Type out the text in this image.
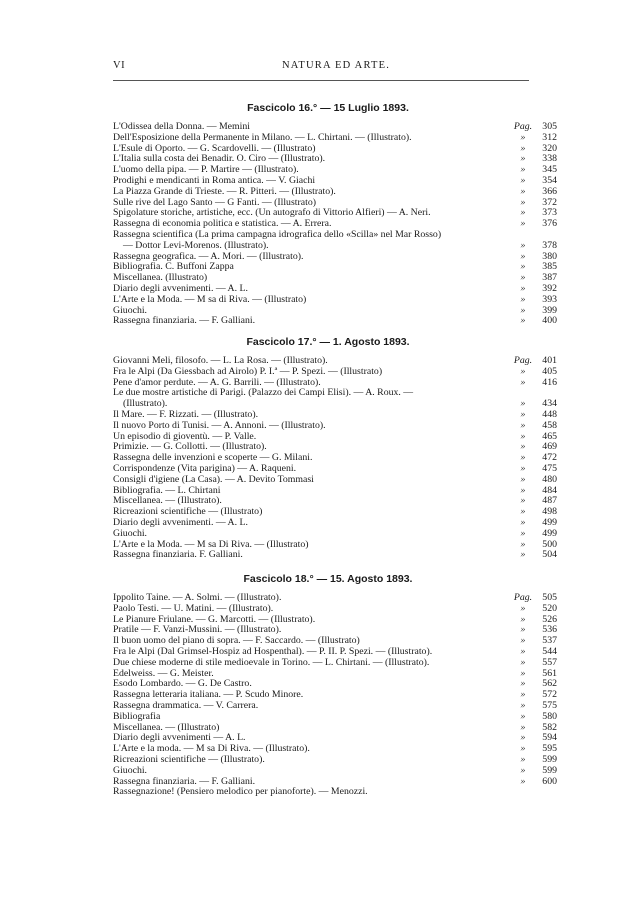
VI	NATURA ED ARTE.
Fascicolo 16.° — 15 Luglio 1893.
L'Odissea della Donna. — Memini	Pag.	305
Dell'Esposizione della Permanente in Milano. — L. Chirtani. — (Illustrato).	»	312
L'Esule di Oporto. — G. Scardovelli. — (Illustrato)	»	320
L'Italia sulla costa dei Benadir. O. Ciro — (Illustrato).	»	338
L'uomo della pipa. — P. Martire — (Illustrato).	»	345
Prodighi e mendicanti in Roma antica. — V. Giachi	»	354
La Piazza Grande di Trieste. — R. Pitteri. — (Illustrato).	»	366
Sulle rive del Lago Santo — G Fanti. — (Illustrato)	»	372
Spigolature storiche, artistiche, ecc. (Un autografo di Vittorio Alfieri) — A. Neri.	»	373
Rassegna di economia politica e statistica. — A. Errera.	»	376
Rassegna scientifica (La prima campagna idrografica dello «Scilla» nel Mar Rosso)
— Dottor Levi-Morenos. (Illustrato).	»	378
Rassegna geografica. — A. Mori. — (Illustrato).	»	380
Bibliografia. C. Buffoni Zappa	»	385
Miscellanea. (Illustrato)	»	387
Diario degli avvenimenti. — A. L.	»	392
L'Arte e la Moda. — M sa di Riva. — (Illustrato)	»	393
Giuochi.	»	399
Rassegna finanziaria. — F. Galliani.	»	400
Fascicolo 17.° — 1. Agosto 1893.
Giovanni Meli, filosofo. — L. La Rosa. — (Illustrato).	Pag.	401
Fra le Alpi (Da Giessbach ad Airolo) P. I.ª — P. Spezi. — (Illustrato)	»	405
Pene d'amor perdute. — A. G. Barrili. — (Illustrato).	»	416
Le due mostre artistiche di Parigi. (Palazzo dei Campi Elisi). — A. Roux. —
(Illustrato).	»	434
Il Mare. — F. Rizzati. — (Illustrato).	»	448
Il nuovo Porto di Tunisi. — A. Annoni. — (Illustrato).	»	458
Un episodio di gioventù. — P. Valle.	»	465
Primizie. — G. Collotti. — (Illustrato).	»	469
Rassegna delle invenzioni e scoperte — G. Milani.	»	472
Corrispondenze (Vita parigina) — A. Raqueni.	»	475
Consigli d'igiene (La Casa). — A. Devito Tommasi	»	480
Bibliografia. — L. Chirtani	»	484
Miscellanea. — (Illustrato).	»	487
Ricreazioni scientifiche — (Illustrato)	»	498
Diario degli avvenimenti. — A. L.	»	499
Giuochi.	»	499
L'Arte e la Moda. — M sa Di Riva. — (Illustrato)	»	500
Rassegna finanziaria. F. Galliani.	»	504
Fascicolo 18.° — 15. Agosto 1893.
Ippolito Taine. — A. Solmi. — (Illustrato).	Pag.	505
Paolo Testi. — U. Matini. — (Illustrato).	»	520
Le Pianure Friulane. — G. Marcotti. — (Illustrato).	»	526
Pratile — F. Vanzi-Mussini. — (Illustrato).	»	536
Il buon uomo del piano di sopra. — F. Saccardo. — (Illustrato)	»	537
Fra le Alpi (Dal Grimsel-Hospiz ad Hospenthal). — P. II. P. Spezi. — (Illustrato).	»	544
Due chiese moderne di stile medioevale in Torino. — L. Chirtani. — (Illustrato).	»	557
Edelweiss. — G. Meister.	»	561
Esodo Lombardo. — G. De Castro.	»	562
Rassegna letteraria italiana. — P. Scudo Minore.	»	572
Rassegna drammatica. — V. Carrera.	»	575
Bibliografia	»	580
Miscellanea. — (Illustrato)	»	582
Diario degli avvenimenti — A. L.	»	594
L'Arte e la moda. — M sa Di Riva. — (Illustrato).	»	595
Ricreazioni scientifiche — (Illustrato).	»	599
Giuochi.	»	599
Rassegna finanziaria. — F. Galliani.	»	600
Rassegnazione! (Pensiero melodico per pianoforte). — Menozzi.
